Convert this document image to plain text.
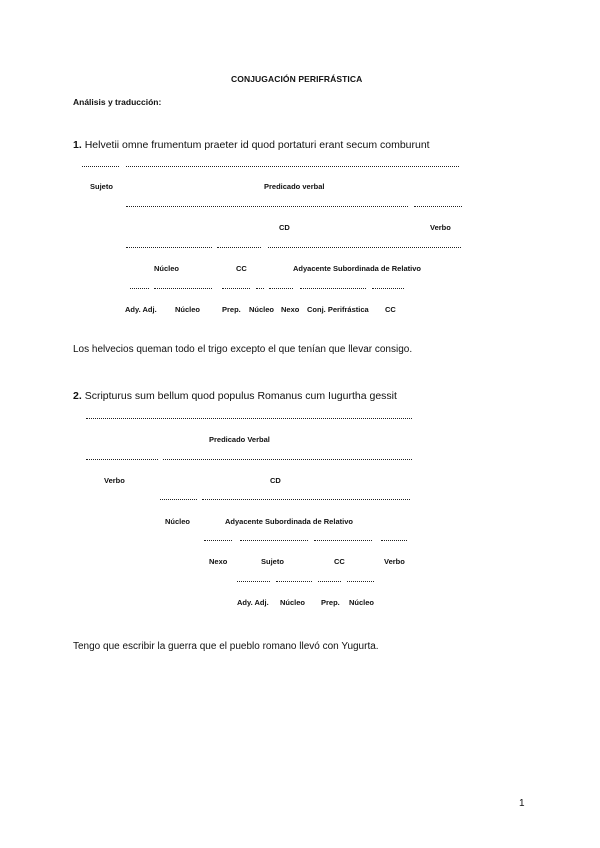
CONJUGACIÓN PERIFRÁSTICA
Análisis y traducción:
1. Helvetii omne frumentum praeter id quod portaturi erant secum comburunt
Sujeto	Predicado verbal
CD	Verbo
Núcleo	CC	Adyacente Subordinada de Relativo
Ady. Adj. Núcleo	Prep. Núcleo Nexo Conj. Perifrástica CC
Los helvecios queman todo el trigo excepto el que tenían que llevar consigo.
2. Scripturus sum bellum quod populus Romanus cum Iugurtha gessit
Predicado Verbal
Verbo	CD
Núcleo	Adyacente Subordinada de Relativo
Nexo	Sujeto	CC	Verbo
Ady. Adj. Núcleo Prep. Núcleo
Tengo que escribir la guerra que el pueblo romano llevó con Yugurta.
1
